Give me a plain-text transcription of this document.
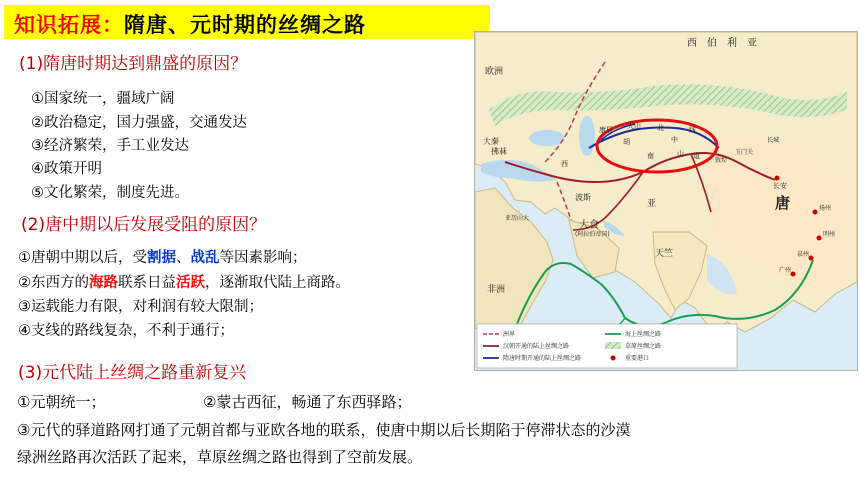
知识拓展：隋唐、元时期的丝绸之路
(1)隋唐时期达到鼎盛的原因？
①国家统一，疆域广阔
②政治稳定，国力强盛，交通发达
③经济繁荣，手工业发达
④政策开明
⑤文化繁荣，制度先进。
(2)唐中期以后发展受阻的原因？
①唐朝中期以后，受割据、战乱等因素影响；
②东西方的海路联系日益活跃，逐渐取代陆上商路。
③运载能力有限，对利润有较大限制；
④支线的路线复杂，不利于通行；
(3)元代陆上丝绸之路重新复兴
①元朝统一；	②蒙古西征，畅通了东西驿路；
③元代的驿道路网打通了元朝首都与亚欧各地的联系，使唐中期以后长期陷于停滞状态的沙漠
绿洲丝路再次活跃了起来，草原丝绸之路也得到了空前发展。
西　伯　利　亚
欧洲
非洲
亚	唐
天竺
大食
(阿拉伯帝国)
波斯
大秦
拂菻
康居
长安
玉门关
敦煌
广州
泉州
明州
扬州
长城
亚历山大
天山
胡	中
北	线
西
山
南	道
洲界
汉朝开通的陆上丝绸之路
隋唐时期开通的陆上丝绸之路
海上丝绸之路
草原丝绸之路
重要港口
